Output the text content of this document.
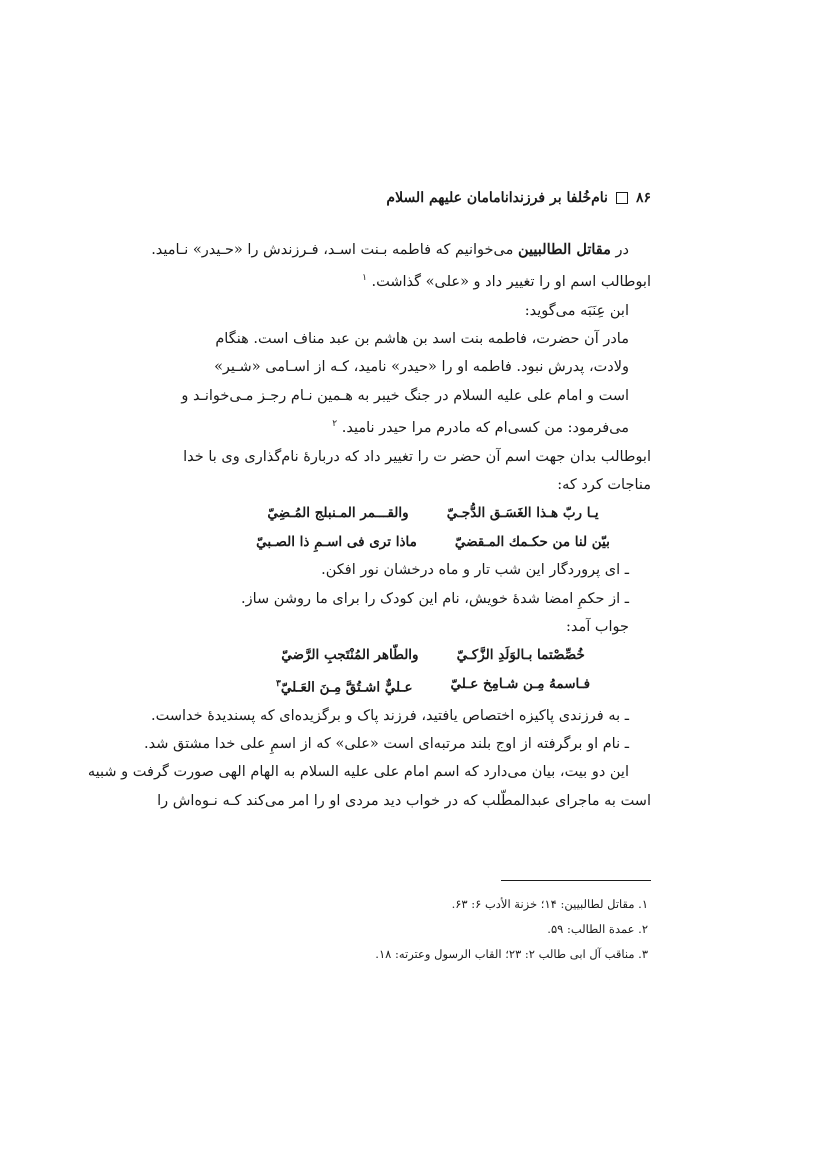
۸۶
نام‌خُلفا بر فرزندانامامان عليهم السلام

در مقاتل الطالبيين می‌خوانیم که فاطمه بـنت اسـد، فـرزندش را «حـیدر» نـامید.

ابوطالب اسم او را تغییر داد و «علی» گذاشت. $^۱$

ابن عِنَبَه می‌گوید:

مادر آن حضرت، فاطمه بنت اسد بن هاشم بن عبد مناف است. هنگام

ولادت، پدرش نبود. فاطمه او را «حیدر» نامید، کـه از اسـامی «شـیر»

است و امام علی عليه السلام در جنگ خیبر به هـمین نـام رجـز مـی‌خوانـد و

می‌فرمود: من کسی‌ام که مادرم مرا حیدر نامید. $^۲$

ابوطالب بدان جهت اسم آن حضر ت را تغییر داد که دربارهٔ نام‌گذاری وی با خدا

مناجات کرد که:

يـا ربّ هـذا الغَسَـق الدُّجـيّ
والقـــمر المـنبلج المُـضِيّ
بيّن لنا من حكـمك المـقضيّ
ماذا ترى فى اسـمِ ذا الصـبيّ

ـ ای پروردگار این شب تار و ماه درخشان نور افکن.

ـ از حکمِ امضا شدهٔ خویش، نام این کودک را برای ما روشن ساز.

جواب آمد:

خُصِّصْتما بـالوَلَدِ الزَّكـيّ
والطّاهر المُنْتَجبِ الرَّضيّ
فـاسمهُ مِـن شـامِخ عـليّ
عـليٌّ اشـتُقَّ مِـنَ العَـليّ$^۳$

ـ به فرزندی پاکیزه اختصاص یافتید، فرزند پاک و برگزیده‌ای که پسندیدهٔ خداست.

ـ نام او برگرفته از اوج بلند مرتبه‌ای است «علی» که از اسمِ علی خدا مشتق شد.

این دو بیت، بیان می‌دارد که اسم امام علی عليه السلام به الهام الهی صورت گرفت و شبیه

است به ماجرای عبدالمطّلب که در خواب دید مردی او را امر می‌کند کـه نـوه‌اش را

۱. مقاتل لطالبیین: ۱۴؛ خزنة الأدب ۶: ۶۳.

۲. عمدة الطالب: ۵۹.

۳. مناقب آل ابی طالب ۲: ۲۳؛ القاب الرسول وعترته: ۱۸.
